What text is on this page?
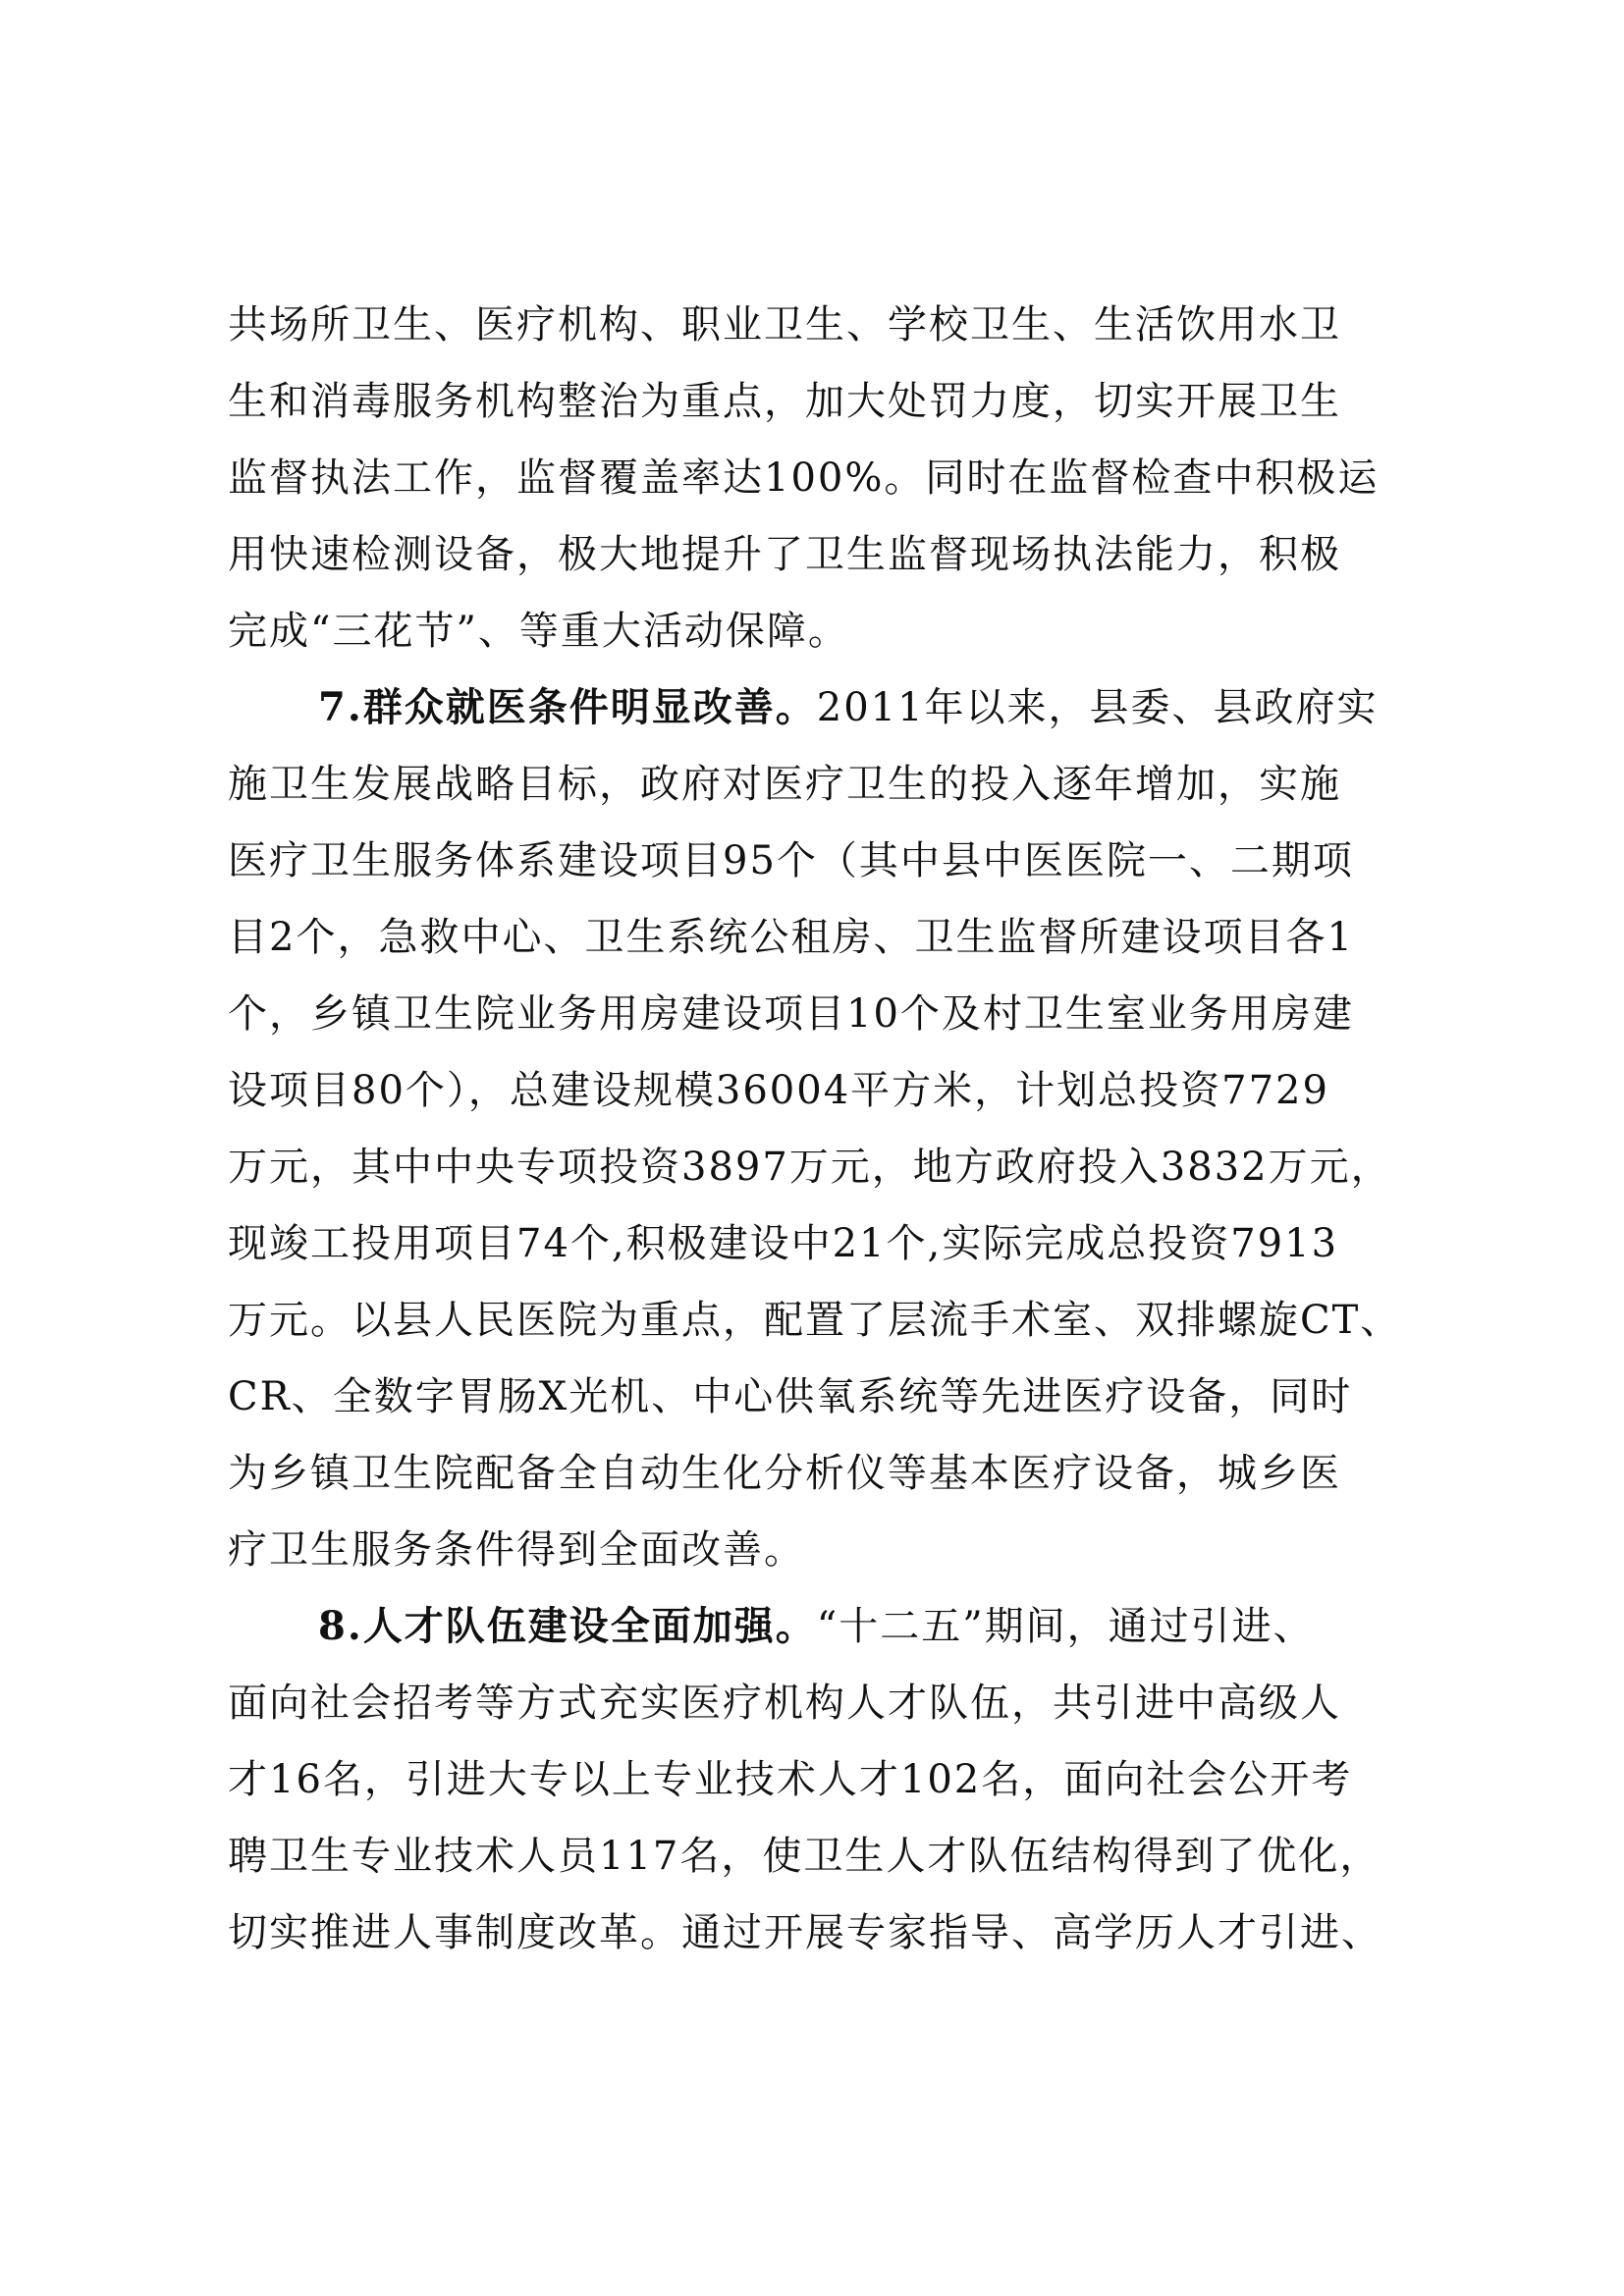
共场所卫生、医疗机构、职业卫生、学校卫生、生活饮用水卫
生和消毒服务机构整治为重点，加大处罚力度，切实开展卫生
监督执法工作，监督覆盖率达100%。同时在监督检查中积极运
用快速检测设备，极大地提升了卫生监督现场执法能力，积极
完成“三花节”、等重大活动保障。
7.群众就医条件明显改善。2011年以来，县委、县政府实
施卫生发展战略目标，政府对医疗卫生的投入逐年增加，实施
医疗卫生服务体系建设项目95个（其中县中医医院一、二期项
目2个，急救中心、卫生系统公租房、卫生监督所建设项目各1
个，乡镇卫生院业务用房建设项目10个及村卫生室业务用房建
设项目80个），总建设规模36004平方米，计划总投资7729
万元，其中中央专项投资3897万元，地方政府投入3832万元，
现竣工投用项目74个,积极建设中21个,实际完成总投资7913
万元。以县人民医院为重点，配置了层流手术室、双排螺旋CT、
CR、全数字胃肠X光机、中心供氧系统等先进医疗设备，同时
为乡镇卫生院配备全自动生化分析仪等基本医疗设备，城乡医
疗卫生服务条件得到全面改善。
8.人才队伍建设全面加强。“十二五”期间，通过引进、
面向社会招考等方式充实医疗机构人才队伍，共引进中高级人
才16名，引进大专以上专业技术人才102名，面向社会公开考
聘卫生专业技术人员117名，使卫生人才队伍结构得到了优化，
切实推进人事制度改革。通过开展专家指导、高学历人才引进、
